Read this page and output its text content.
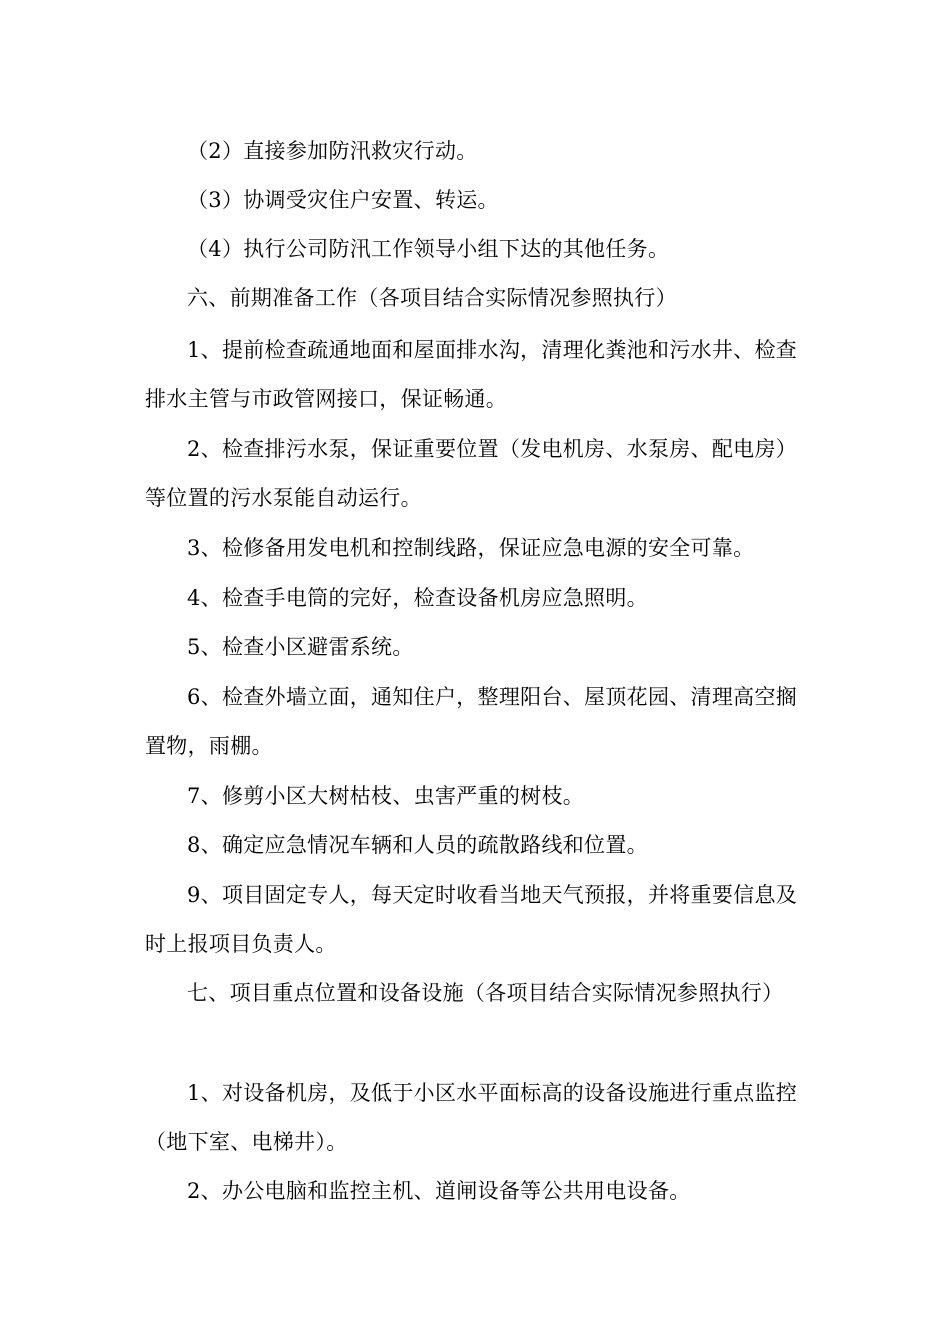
（2）直接参加防汛救灾行动。

（3）协调受灾住户安置、转运。

（4）执行公司防汛工作领导小组下达的其他任务。

六、前期准备工作（各项目结合实际情况参照执行）

1、提前检查疏通地面和屋面排水沟，清理化粪池和污水井、检查排水主管与市政管网接口，保证畅通。

2、检查排污水泵，保证重要位置（发电机房、水泵房、配电房）等位置的污水泵能自动运行。

3、检修备用发电机和控制线路，保证应急电源的安全可靠。

4、检查手电筒的完好，检查设备机房应急照明。

5、检查小区避雷系统。

6、检查外墙立面，通知住户，整理阳台、屋顶花园、清理高空搁置物，雨棚。

7、修剪小区大树枯枝、虫害严重的树枝。

8、确定应急情况车辆和人员的疏散路线和位置。

9、项目固定专人，每天定时收看当地天气预报，并将重要信息及时上报项目负责人。

七、项目重点位置和设备设施（各项目结合实际情况参照执行）

1、对设备机房，及低于小区水平面标高的设备设施进行重点监控（地下室、电梯井）。

2、办公电脑和监控主机、道闸设备等公共用电设备。
